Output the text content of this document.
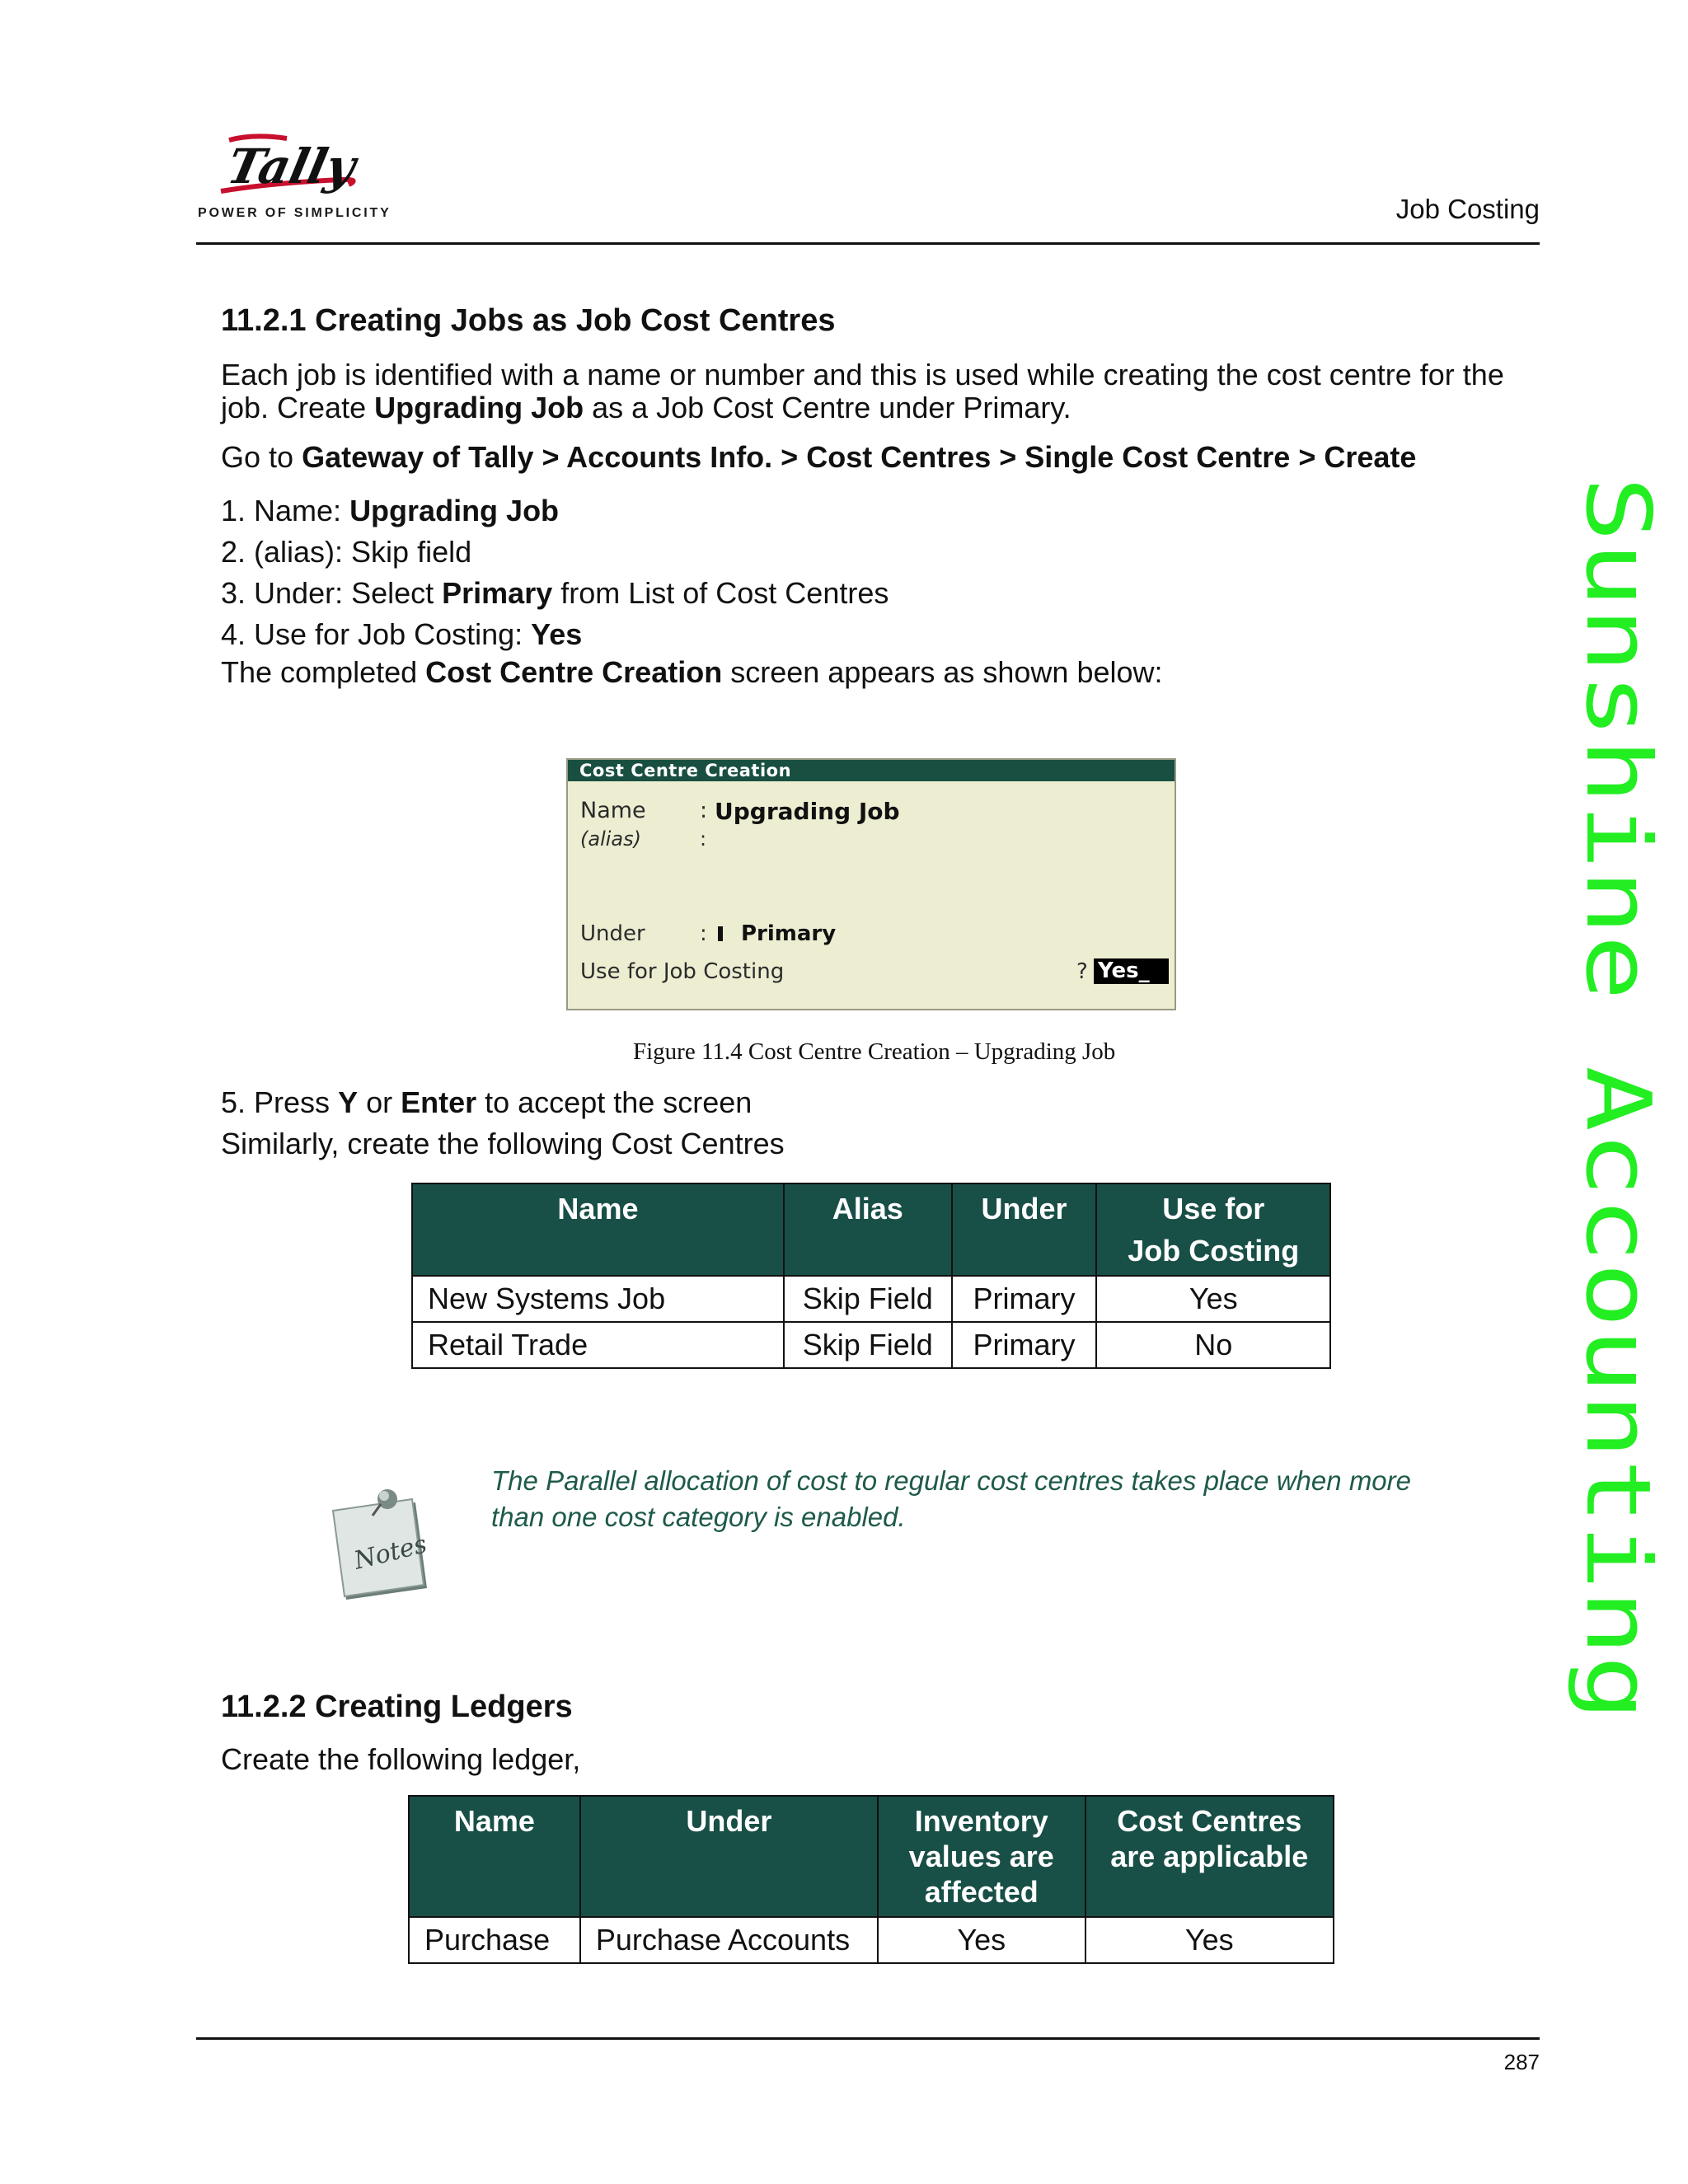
Tally
POWER OF SIMPLICITY	Job Costing
11.2.1 Creating Jobs as Job Cost Centres
Each job is identified with a name or number and this is used while creating the cost centre for the job. Create Upgrading Job as a Job Cost Centre under Primary.
Go to Gateway of Tally > Accounts Info. > Cost Centres > Single Cost Centre > Create
1. Name: Upgrading Job
2. (alias): Skip field
3. Under: Select Primary from List of Cost Centres
4. Use for Job Costing: Yes
The completed Cost Centre Creation screen appears as shown below:
Cost Centre Creation
Name : Upgrading Job
(alias)	:
Under	: Primary
Use for Job Costing	? Yes_
Figure 11.4 Cost Centre Creation – Upgrading Job
5. Press Y or Enter to accept the screen
Similarly, create the following Cost Centres
Name	Alias	Under	Use for
Job Costing
New Systems Job	Skip Field	Primary	Yes
Retail Trade	Skip Field	Primary	No
Notes
The Parallel allocation of cost to regular cost centres takes place when more than one cost category is enabled.
11.2.2 Creating Ledgers
Create the following ledger,
Name	Under	Inventory values are affected	Cost Centres are applicable
Purchase	Purchase Accounts	Yes	Yes
287
Sunshine Accounting
